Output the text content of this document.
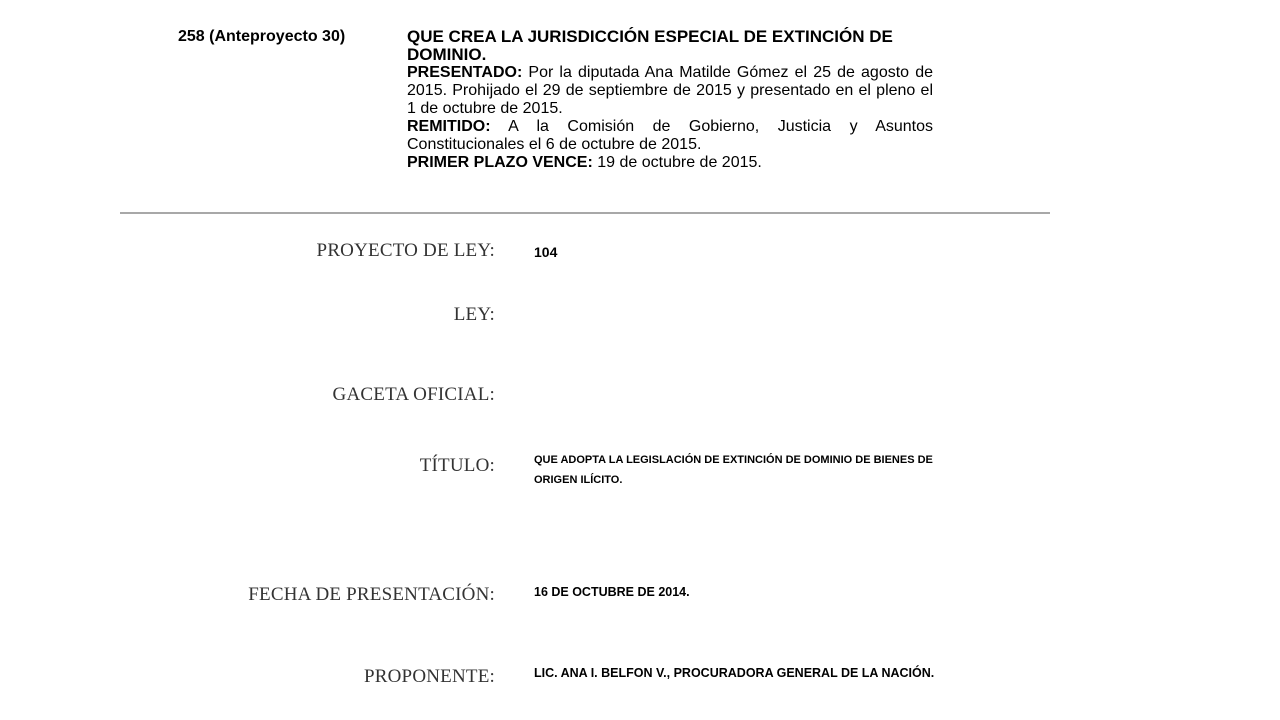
258 (Anteproyecto 30)	QUE CREA LA JURISDICCIÓN ESPECIAL DE EXTINCIÓN DE DOMINIO.

PRESENTADO: Por la diputada Ana Matilde Gómez el 25 de agosto de 2015. Prohijado el 29 de septiembre de 2015 y presentado en el pleno el 1 de octubre de 2015.

REMITIDO: A la Comisión de Gobierno, Justicia y Asuntos Constitucionales el 6 de octubre de 2015.

PRIMER PLAZO VENCE: 19 de octubre de 2015.

PROYECTO DE LEY:	104
LEY:
GACETA OFICIAL:
TÍTULO:	QUE ADOPTA LA LEGISLACIÓN DE EXTINCIÓN DE DOMINIO DE BIENES DE ORIGEN ILÍCITO.
FECHA DE PRESENTACIÓN:	16 DE OCTUBRE DE 2014.
PROPONENTE:	LIC. ANA I. BELFON V., PROCURADORA GENERAL DE LA NACIÓN.
